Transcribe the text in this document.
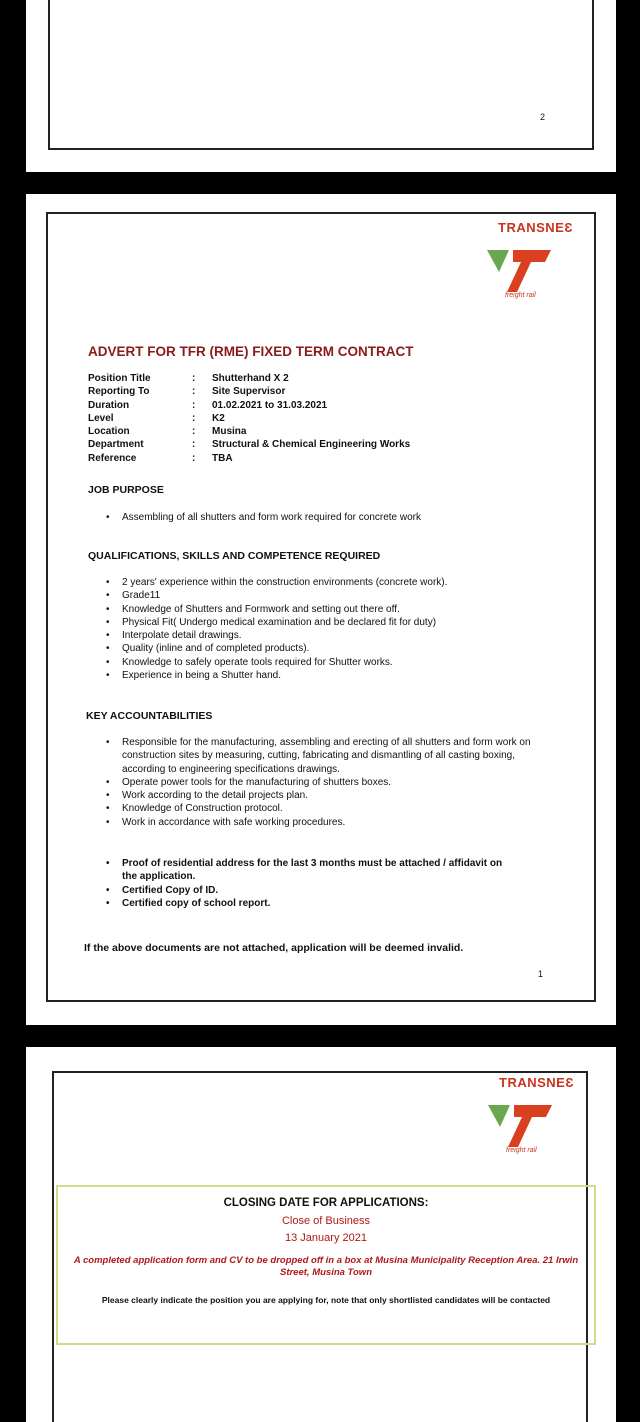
2
TRANSNEƐ
freight rail
ADVERT FOR TFR (RME) FIXED TERM CONTRACT
Position Title	:	Shutterhand X 2
Reporting To	:	Site Supervisor
Duration	:	01.02.2021 to 31.03.2021
Level	:	K2
Location	:	Musina
Department	:	Structural & Chemical Engineering Works
Reference	:	TBA
JOB PURPOSE
• Assembling of all shutters and form work required for concrete work
QUALIFICATIONS, SKILLS AND COMPETENCE REQUIRED
• 2 years' experience within the construction environments (concrete work).
• Grade11
• Knowledge of Shutters and Formwork and setting out there off.
• Physical Fit( Undergo medical examination and be declared fit for duty)
• Interpolate detail drawings.
• Quality (inline and of completed products).
• Knowledge to safely operate tools required for Shutter works.
• Experience in being a Shutter hand.
KEY ACCOUNTABILITIES
• Responsible for the manufacturing, assembling and erecting of all shutters and form work on construction sites by measuring, cutting, fabricating and dismantling of all casting boxing, according to engineering specifications drawings.
• Operate power tools for the manufacturing of shutters boxes.
• Work according to the detail projects plan.
• Knowledge of Construction protocol.
• Work in accordance with safe working procedures.
• Proof of residential address for the last 3 months must be attached / affidavit on the application.
• Certified Copy of ID.
• Certified copy of school report.
If the above documents are not attached, application will be deemed invalid.
1
TRANSNEƐ
freight rail
CLOSING DATE FOR APPLICATIONS:
Close of Business
13 January 2021
A completed application form and CV to be dropped off in a box at Musina Municipality Reception Area. 21 Irwin Street, Musina Town
Please clearly indicate the position you are applying for, note that only shortlisted candidates will be contacted
